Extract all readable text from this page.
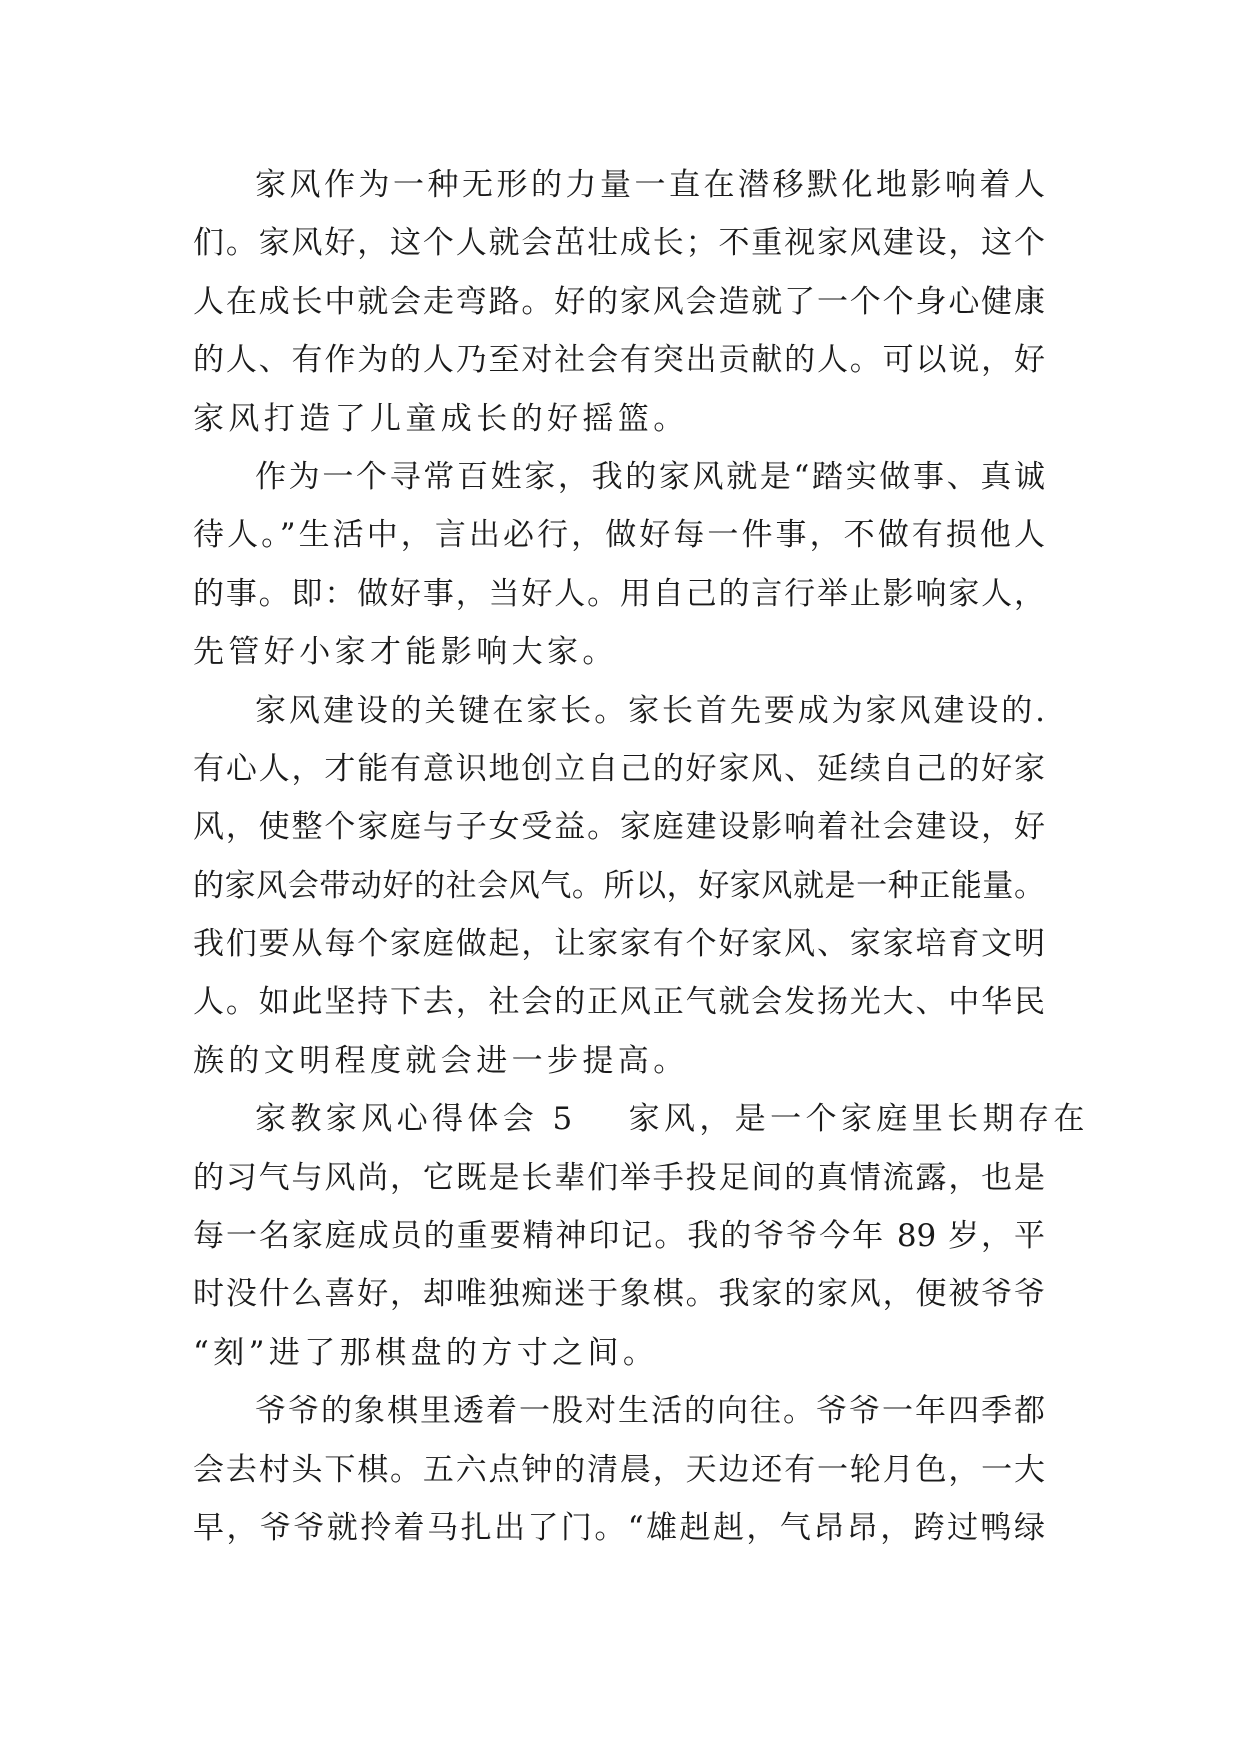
家风作为一种无形的力量一直在潜移默化地影响着人
们。家风好，这个人就会茁壮成长；不重视家风建设，这个
人在成长中就会走弯路。好的家风会造就了一个个身心健康
的人、有作为的人乃至对社会有突出贡献的人。可以说，好
家风打造了儿童成长的好摇篮。
作为一个寻常百姓家，我的家风就是“踏实做事、真诚
待人。”生活中，言出必行，做好每一件事，不做有损他人
的事。即：做好事，当好人。用自己的言行举止影响家人，
先管好小家才能影响大家。
家风建设的关键在家长。家长首先要成为家风建设的.
有心人，才能有意识地创立自己的好家风、延续自己的好家
风，使整个家庭与子女受益。家庭建设影响着社会建设，好
的家风会带动好的社会风气。所以，好家风就是一种正能量。
我们要从每个家庭做起，让家家有个好家风、家家培育文明
人。如此坚持下去，社会的正风正气就会发扬光大、中华民
族的文明程度就会进一步提高。
家教家风心得体会 5 家风，是一个家庭里长期存在
的习气与风尚，它既是长辈们举手投足间的真情流露，也是
每一名家庭成员的重要精神印记。我的爷爷今年 89 岁，平
时没什么喜好，却唯独痴迷于象棋。我家的家风，便被爷爷
“刻”进了那棋盘的方寸之间。
爷爷的象棋里透着一股对生活的向往。爷爷一年四季都
会去村头下棋。五六点钟的清晨，天边还有一轮月色，一大
早，爷爷就拎着马扎出了门。“雄赳赳，气昂昂，跨过鸭绿
